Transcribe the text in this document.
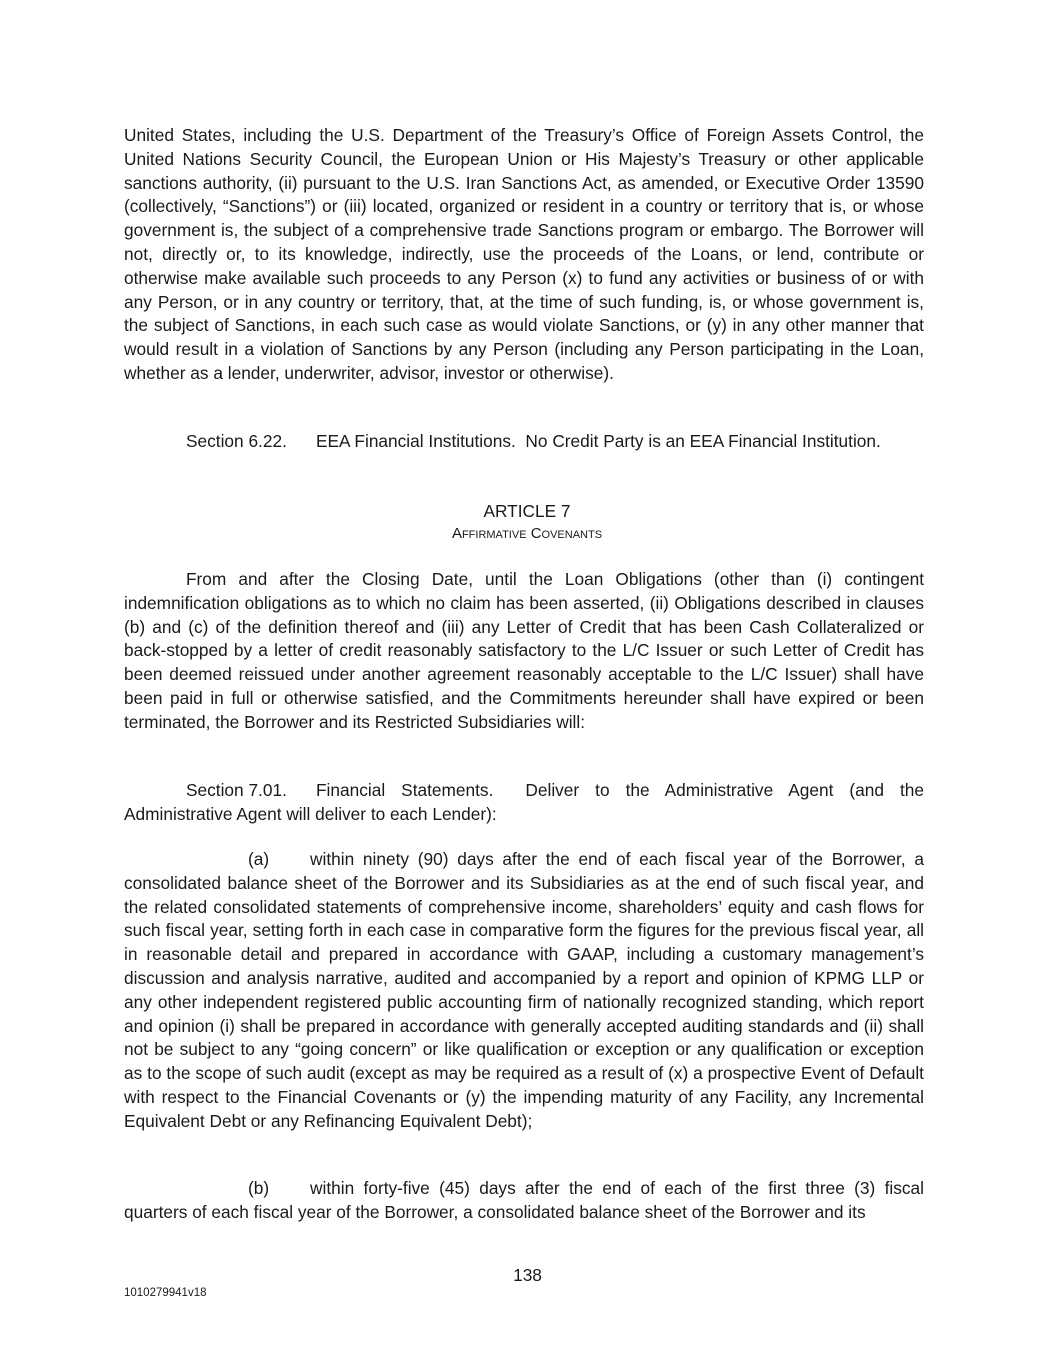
United States, including the U.S. Department of the Treasury’s Office of Foreign Assets Control, the United Nations Security Council, the European Union or His Majesty’s Treasury or other applicable sanctions authority, (ii) pursuant to the U.S. Iran Sanctions Act, as amended, or Executive Order 13590 (collectively, “Sanctions”) or (iii) located, organized or resident in a country or territory that is, or whose government is, the subject of a comprehensive trade Sanctions program or embargo. The Borrower will not, directly or, to its knowledge, indirectly, use the proceeds of the Loans, or lend, contribute or otherwise make available such proceeds to any Person (x) to fund any activities or business of or with any Person, or in any country or territory, that, at the time of such funding, is, or whose government is, the subject of Sanctions, in each such case as would violate Sanctions, or (y) in any other manner that would result in a violation of Sanctions by any Person (including any Person participating in the Loan, whether as a lender, underwriter, advisor, investor or otherwise).

Section 6.22. EEA Financial Institutions. No Credit Party is an EEA Financial Institution.

ARTICLE 7

Affirmative Covenants

From and after the Closing Date, until the Loan Obligations (other than (i) contingent indemnification obligations as to which no claim has been asserted, (ii) Obligations described in clauses (b) and (c) of the definition thereof and (iii) any Letter of Credit that has been Cash Collateralized or back-stopped by a letter of credit reasonably satisfactory to the L/C Issuer or such Letter of Credit has been deemed reissued under another agreement reasonably acceptable to the L/C Issuer) shall have been paid in full or otherwise satisfied, and the Commitments hereunder shall have expired or been terminated, the Borrower and its Restricted Subsidiaries will:

Section 7.01. Financial Statements. Deliver to the Administrative Agent (and the Administrative Agent will deliver to each Lender):

(a) within ninety (90) days after the end of each fiscal year of the Borrower, a consolidated balance sheet of the Borrower and its Subsidiaries as at the end of such fiscal year, and the related consolidated statements of comprehensive income, shareholders’ equity and cash flows for such fiscal year, setting forth in each case in comparative form the figures for the previous fiscal year, all in reasonable detail and prepared in accordance with GAAP, including a customary management’s discussion and analysis narrative, audited and accompanied by a report and opinion of KPMG LLP or any other independent registered public accounting firm of nationally recognized standing, which report and opinion (i) shall be prepared in accordance with generally accepted auditing standards and (ii) shall not be subject to any “going concern” or like qualification or exception or any qualification or exception as to the scope of such audit (except as may be required as a result of (x) a prospective Event of Default with respect to the Financial Covenants or (y) the impending maturity of any Facility, any Incremental Equivalent Debt or any Refinancing Equivalent Debt);

(b) within forty-five (45) days after the end of each of the first three (3) fiscal quarters of each fiscal year of the Borrower, a consolidated balance sheet of the Borrower and its

138
1010279941v18
